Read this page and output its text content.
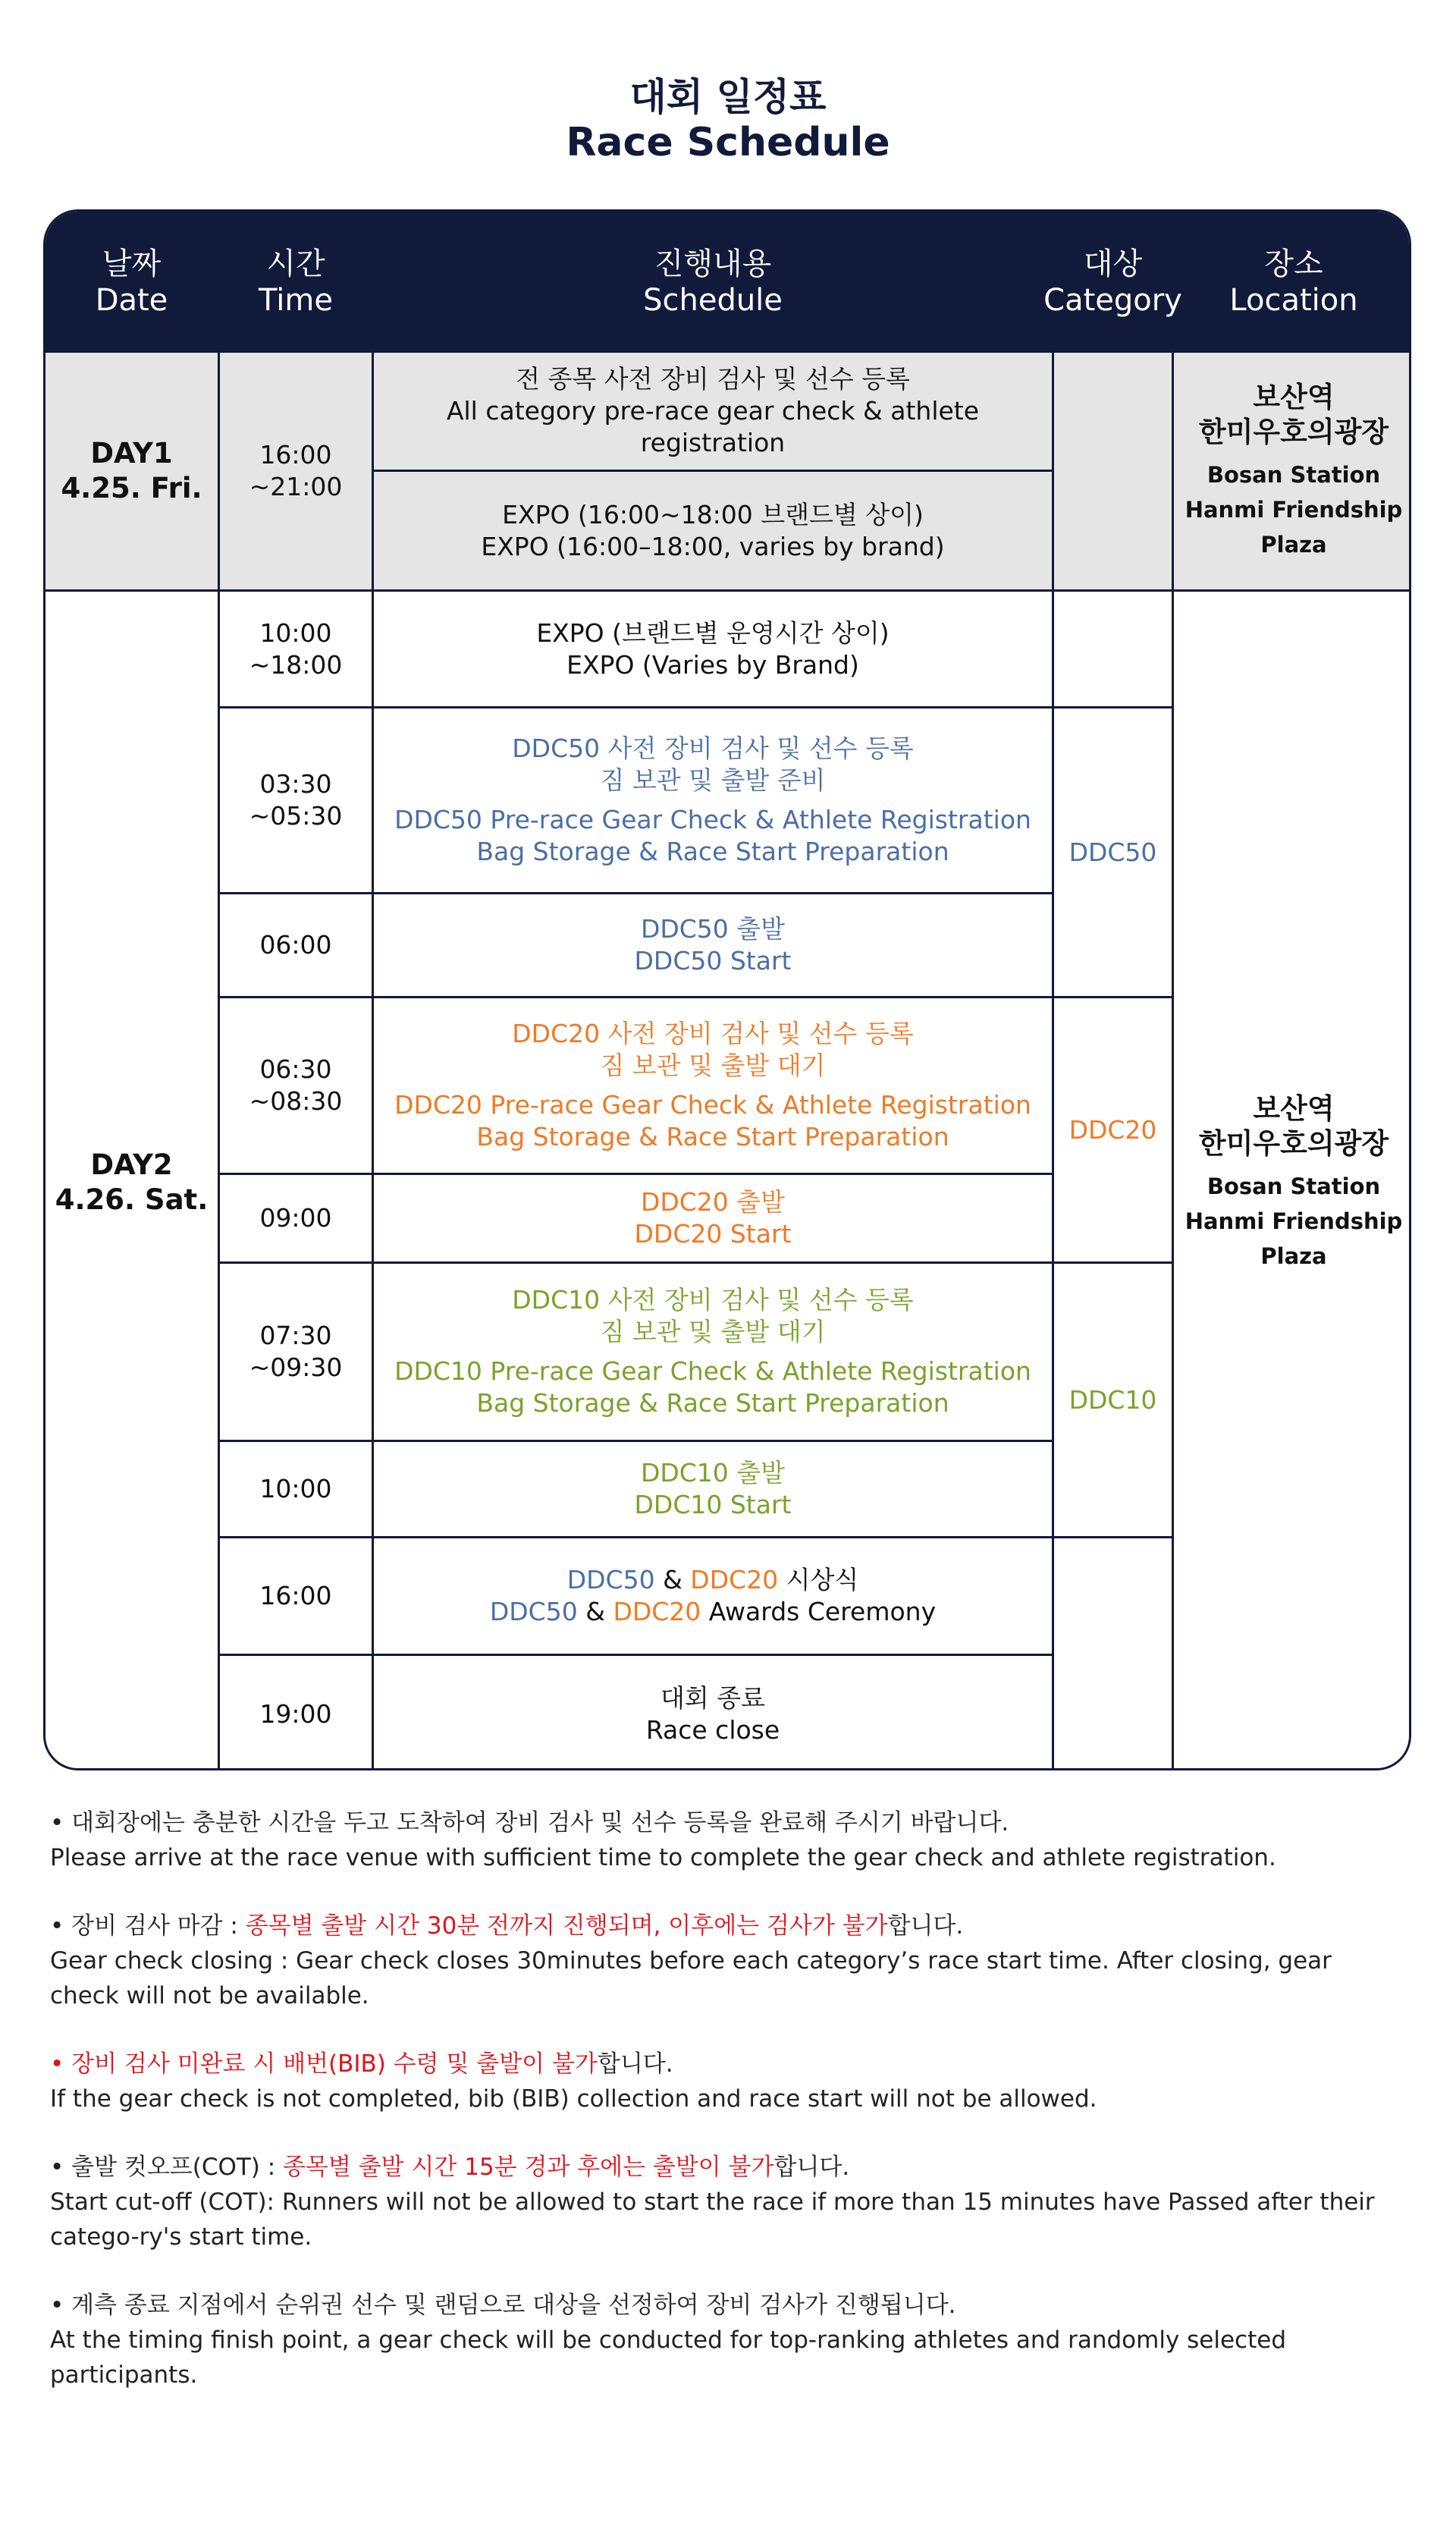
대회 일정표
Race Schedule
날짜
Date
시간
Time
진행내용
Schedule
대상
Category
장소
Location
DAY1
4.25. Fri.
16:00
~21:00
전 종목 사전 장비 검사 및 선수 등록
All category pre-race gear check & athlete registration
EXPO (16:00~18:00 브랜드별 상이)
EXPO (16:00–18:00, varies by brand)
보산역
한미우호의광장
Bosan Station
Hanmi Friendship Plaza
DAY2
4.26. Sat.
10:00
~18:00
EXPO (브랜드별 운영시간 상이)
EXPO (Varies by Brand)
03:30
~05:30
DDC50 사전 장비 검사 및 선수 등록
짐 보관 및 출발 준비
DDC50 Pre-race Gear Check & Athlete Registration
Bag Storage & Race Start Preparation
06:00
DDC50 출발
DDC50 Start
DDC50
06:30
~08:30
DDC20 사전 장비 검사 및 선수 등록
짐 보관 및 출발 대기
DDC20 Pre-race Gear Check & Athlete Registration
Bag Storage & Race Start Preparation
09:00
DDC20 출발
DDC20 Start
DDC20
07:30
~09:30
DDC10 사전 장비 검사 및 선수 등록
짐 보관 및 출발 대기
DDC10 Pre-race Gear Check & Athlete Registration
Bag Storage & Race Start Preparation
10:00
DDC10 출발
DDC10 Start
DDC10
16:00
DDC50 & DDC20 시상식
DDC50 & DDC20 Awards Ceremony
19:00
대회 종료
Race close
보산역
한미우호의광장
Bosan Station
Hanmi Friendship Plaza
• 대회장에는 충분한 시간을 두고 도착하여 장비 검사 및 선수 등록을 완료해 주시기 바랍니다.
Please arrive at the race venue with sufficient time to complete the gear check and athlete registration.
• 장비 검사 마감 : 종목별 출발 시간 30분 전까지 진행되며, 이후에는 검사가 불가합니다.
Gear check closing : Gear check closes 30minutes before each category’s race start time. After closing, gear check will not be available.
• 장비 검사 미완료 시 배번(BIB) 수령 및 출발이 불가합니다.
If the gear check is not completed, bib (BIB) collection and race start will not be allowed.
• 출발 컷오프(COT) : 종목별 출발 시간 15분 경과 후에는 출발이 불가합니다.
Start cut-off (COT): Runners will not be allowed to start the race if more than 15 minutes have Passed after their catego-ry's start time.
• 계측 종료 지점에서 순위권 선수 및 랜덤으로 대상을 선정하여 장비 검사가 진행됩니다.
At the timing finish point, a gear check will be conducted for top-ranking athletes and randomly selected participants.
